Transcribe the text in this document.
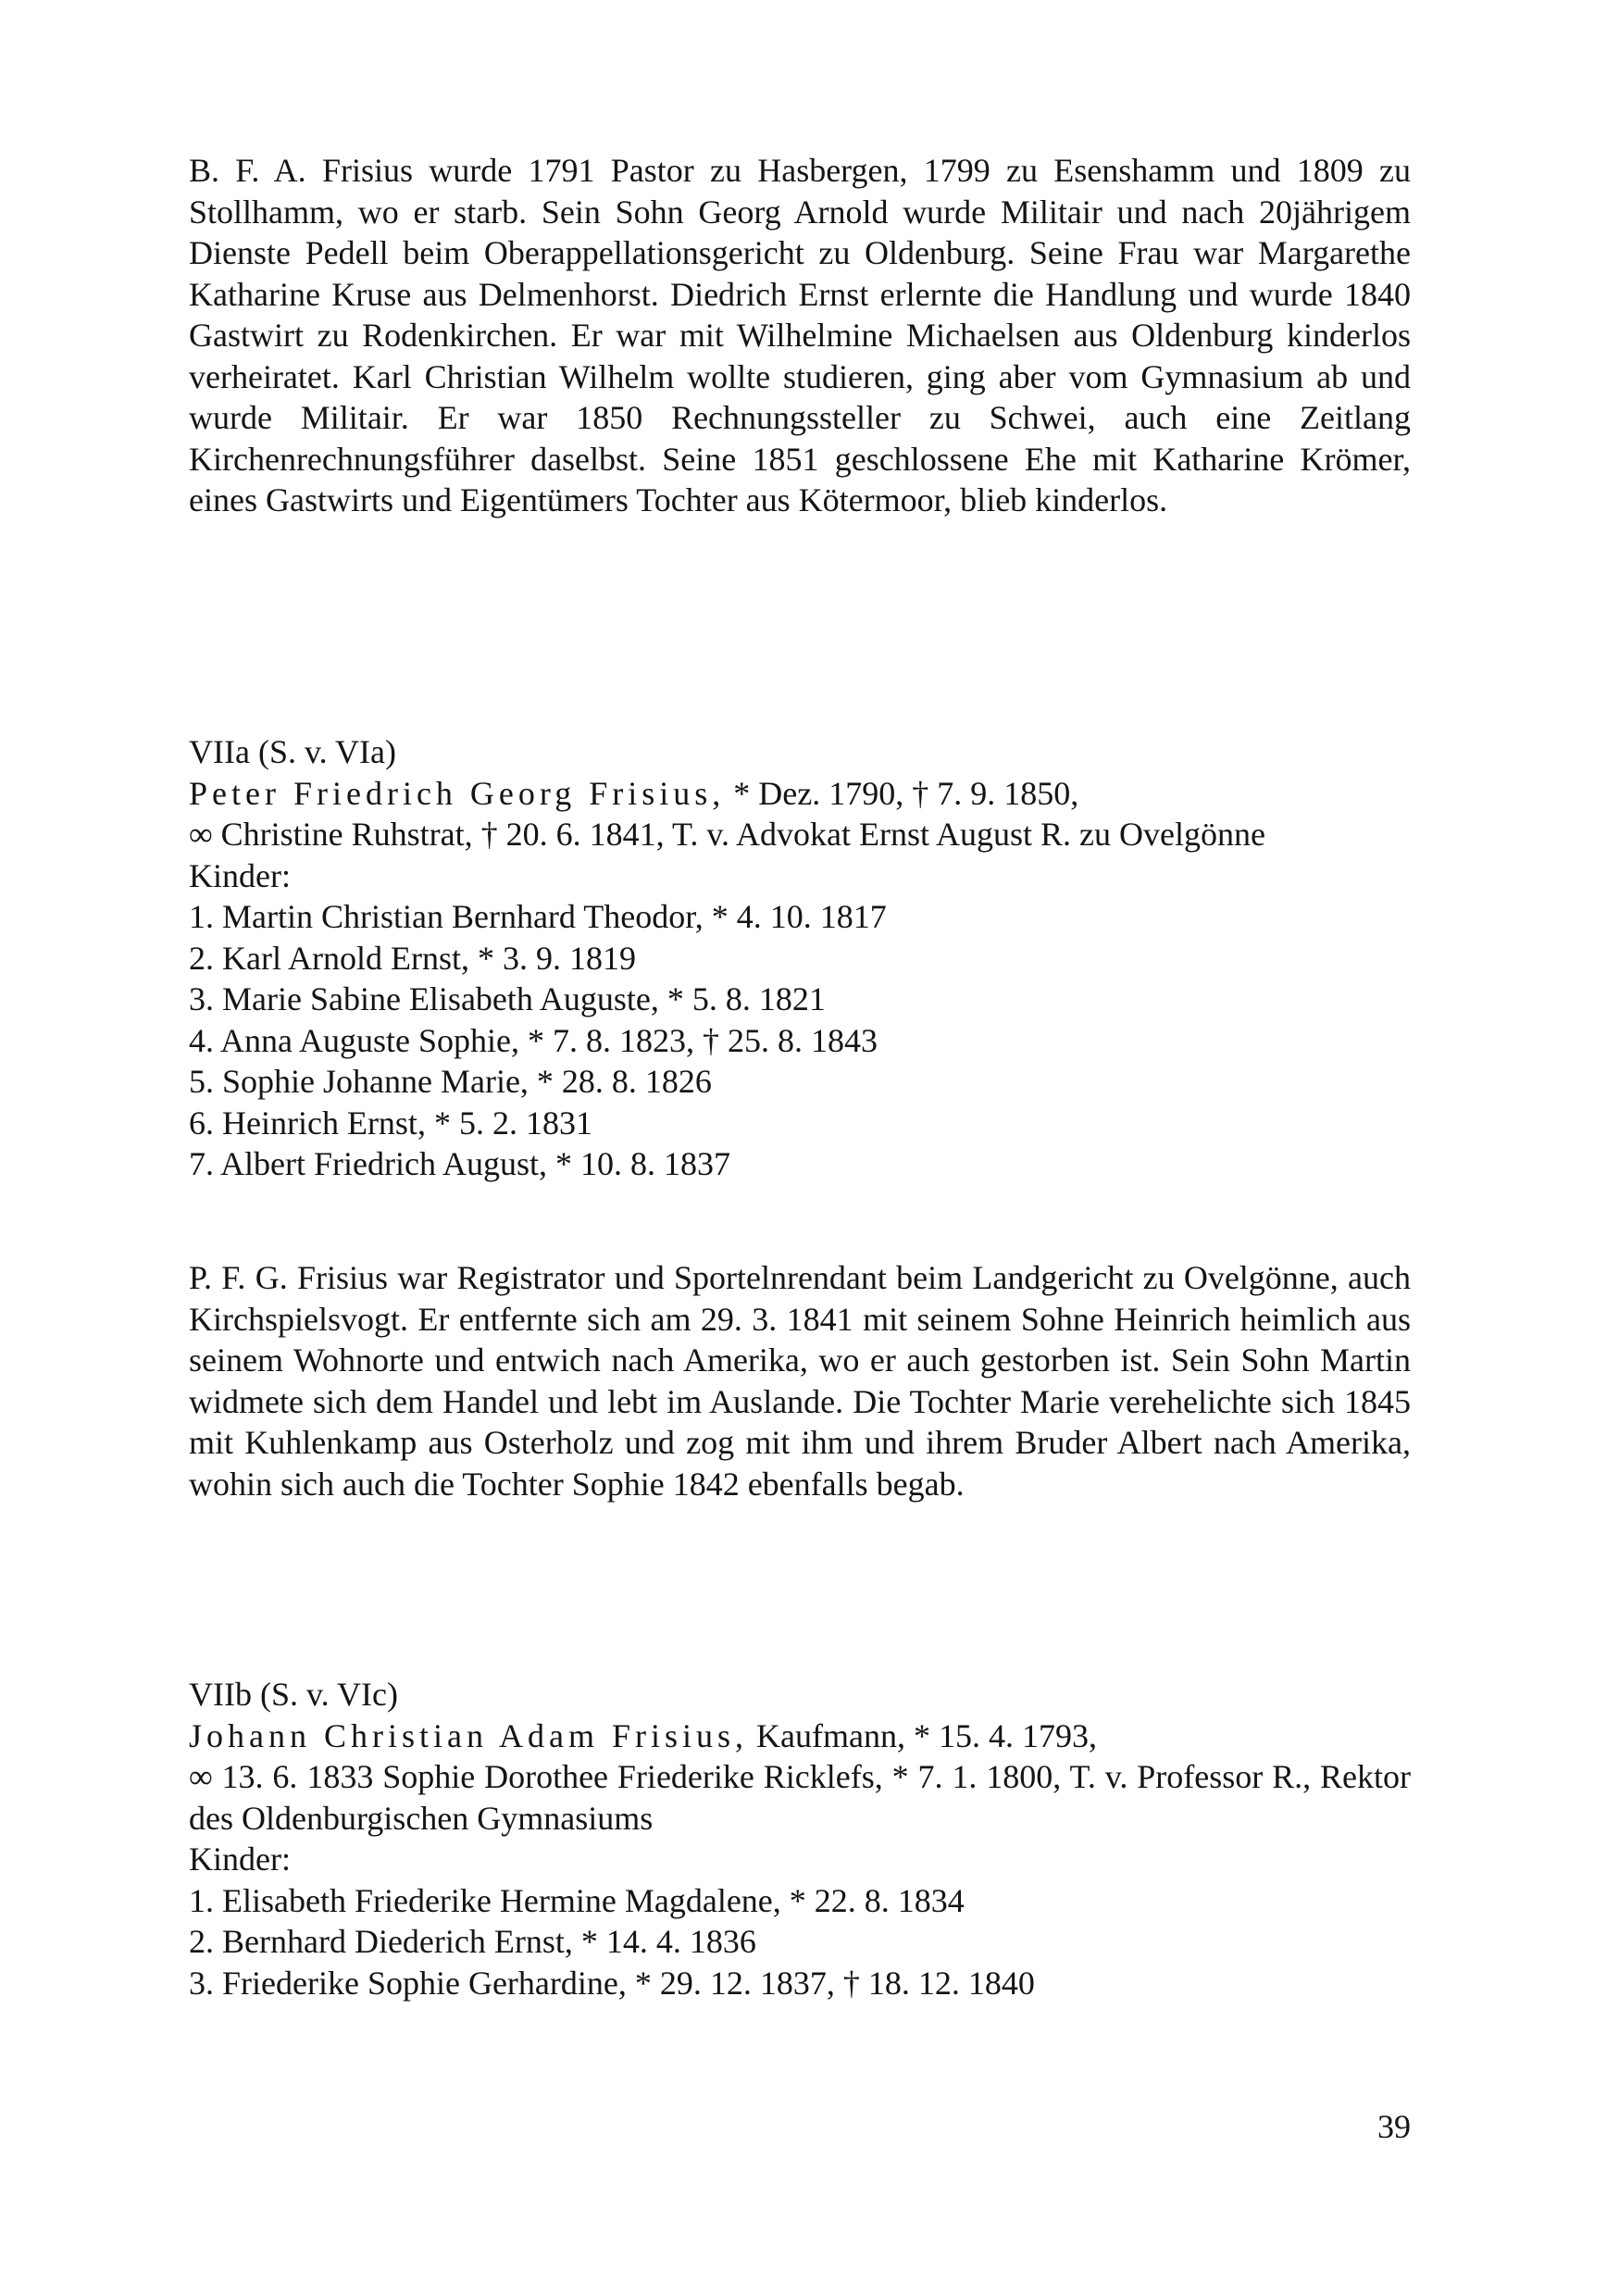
B. F. A. Frisius wurde 1791 Pastor zu Hasbergen, 1799 zu Esenshamm und 1809 zu Stollhamm, wo er starb. Sein Sohn Georg Arnold wurde Militair und nach 20jährigem Dienste Pedell beim Oberappellationsgericht zu Oldenburg. Seine Frau war Margarethe Katharine Kruse aus Delmenhorst. Diedrich Ernst erlernte die Handlung und wurde 1840 Gastwirt zu Rodenkirchen. Er war mit Wilhelmine Michaelsen aus Oldenburg kinderlos verheiratet. Karl Christian Wilhelm wollte studieren, ging aber vom Gymnasium ab und wurde Militair. Er war 1850 Rechnungssteller zu Schwei, auch eine Zeitlang Kirchenrechnungsführer daselbst. Seine 1851 geschlossene Ehe mit Katharine Krömer, eines Gastwirts und Eigentümers Tochter aus Kötermoor, blieb kinderlos.

VIIa (S. v. VIa)

Peter Friedrich Georg Frisius, * Dez. 1790, † 7. 9. 1850,

∞ Christine Ruhstrat, † 20. 6. 1841, T. v. Advokat Ernst August R. zu Ovelgönne

Kinder:

1. Martin Christian Bernhard Theodor, * 4. 10. 1817
2. Karl Arnold Ernst, * 3. 9. 1819
3. Marie Sabine Elisabeth Auguste, * 5. 8. 1821
4. Anna Auguste Sophie, * 7. 8. 1823, † 25. 8. 1843
5. Sophie Johanne Marie, * 28. 8. 1826
6. Heinrich Ernst, * 5. 2. 1831
7. Albert Friedrich August, * 10. 8. 1837

P. F. G. Frisius war Registrator und Sportelnrendant beim Landgericht zu Ovelgönne, auch Kirchspielsvogt. Er entfernte sich am 29. 3. 1841 mit seinem Sohne Heinrich heimlich aus seinem Wohnorte und entwich nach Amerika, wo er auch gestorben ist. Sein Sohn Martin widmete sich dem Handel und lebt im Auslande. Die Tochter Marie verehelichte sich 1845 mit Kuhlenkamp aus Osterholz und zog mit ihm und ihrem Bruder Albert nach Amerika, wohin sich auch die Tochter Sophie 1842 ebenfalls begab.

VIIb (S. v. VIc)

Johann Christian Adam Frisius, Kaufmann, * 15. 4. 1793,

∞ 13. 6. 1833 Sophie Dorothee Friederike Ricklefs, * 7. 1. 1800, T. v. Professor R., Rektor des Oldenburgischen Gymnasiums

Kinder:

1. Elisabeth Friederike Hermine Magdalene, * 22. 8. 1834
2. Bernhard Diederich Ernst, * 14. 4. 1836
3. Friederike Sophie Gerhardine, * 29. 12. 1837, † 18. 12. 1840
39
